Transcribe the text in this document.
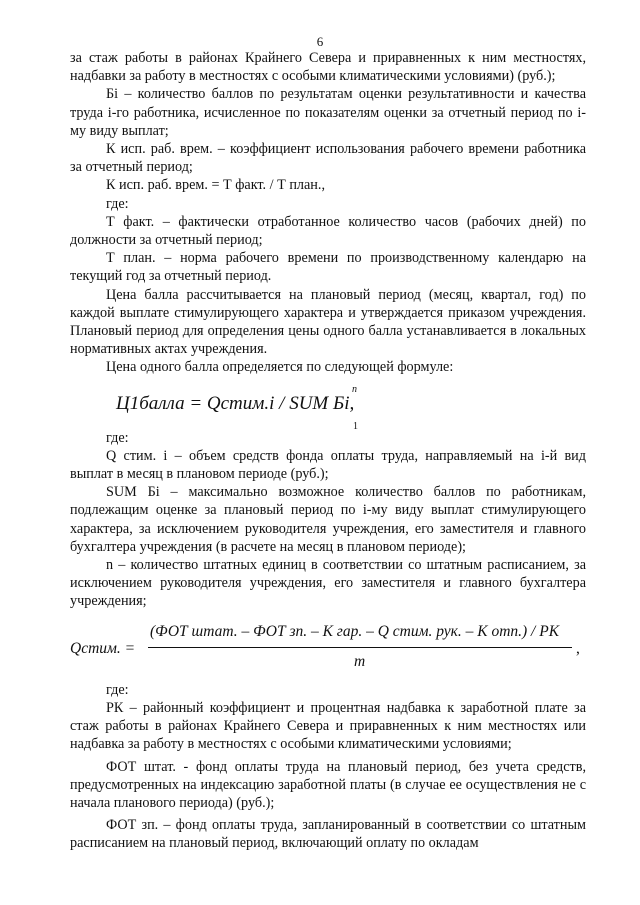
6

за стаж работы в районах Крайнего Севера и приравненных к ним местностях, надбавки за работу в местностях с особыми климатическими условиями) (руб.);

Бi – количество баллов по результатам оценки результативности и качества труда i-го работника, исчисленное по показателям оценки за отчетный период по i-му виду выплат;

К исп. раб. врем. – коэффициент использования рабочего времени работника за отчетный период;

К исп. раб. врем. = Т факт. / Т план.,

где:

Т факт. – фактически отработанное количество часов (рабочих дней) по должности за отчетный период;

Т план. – норма рабочего времени по производственному календарю на текущий год за отчетный период.

Цена балла рассчитывается на плановый период (месяц, квартал, год) по каждой выплате стимулирующего характера и утверждается приказом учреждения. Плановый период для определения цены одного балла устанавливается в локальных нормативных актах учреждения.

Цена одного балла определяется по следующей формуле:

n
Ц1балла = Qстим.i / SUM Бi,
1

где:

Q стим. i – объем средств фонда оплаты труда, направляемый на i-й вид выплат в месяц в плановом периоде (руб.);

SUM Бi – максимально возможное количество баллов по работникам, подлежащим оценке за плановый период по i-му виду выплат стимулирующего характера, за исключением руководителя учреждения, его заместителя и главного бухгалтера учреждения (в расчете на месяц в плановом периоде);

n – количество штатных единиц в соответствии со штатным расписанием, за исключением руководителя учреждения, его заместителя и главного бухгалтера учреждения;

Qстим. =
(ФОТ штат. – ФОТ зп. – К гар. – Q стим. рук. – К отп.) / РК
m
,

где:

РК – районный коэффициент и процентная надбавка к заработной плате за стаж работы в районах Крайнего Севера и приравненных к ним местностях или надбавка за работу в местностях с особыми климатическими условиями;

ФОТ штат. - фонд оплаты труда на плановый период, без учета средств, предусмотренных на индексацию заработной платы (в случае ее осуществления не с начала планового периода) (руб.);

ФОТ зп. – фонд оплаты труда, запланированный в соответствии со штатным расписанием на плановый период, включающий оплату по окладам
